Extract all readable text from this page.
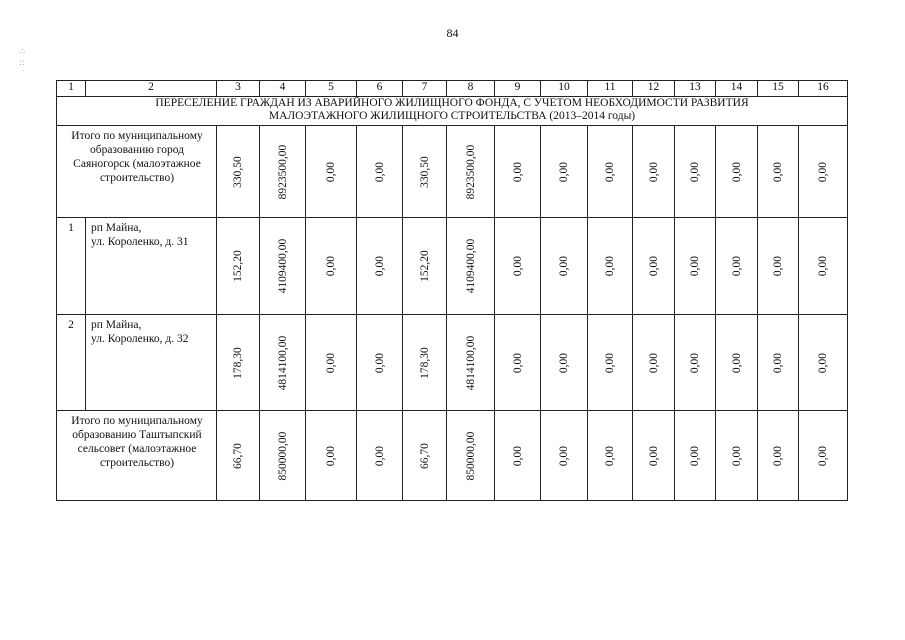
84
∴ :: ·
1	2	3	4	5	6	7	8	9	10	11	12	13	14	15	16

ПЕРЕСЕЛЕНИЕ ГРАЖДАН ИЗ АВАРИЙНОГО ЖИЛИЩНОГО ФОНДА, С УЧЕТОМ НЕОБХОДИМОСТИ РАЗВИТИЯ
МАЛОЭТАЖНОГО ЖИЛИЩНОГО СТРОИТЕЛЬСТВА (2013–2014 годы)															

Итого по муниципальному
образованию город
Саяногорск (малоэтажное
строительство)		330,50	8923500,00	0,00	0,00	330,50	8923500,00	0,00	0,00	0,00	0,00	0,00	0,00	0,00	0,00

1	рп Майна,
ул. Короленко, д. 31	152,20	4109400,00	0,00	0,00	152,20	4109400,00	0,00	0,00	0,00	0,00	0,00	0,00	0,00	0,00

2	рп Майна,
ул. Короленко, д. 32	178,30	4814100,00	0,00	0,00	178,30	4814100,00	0,00	0,00	0,00	0,00	0,00	0,00	0,00	0,00

Итого по муниципальному
образованию Таштыпский
сельсовет (малоэтажное
строительство)		66,70	850000,00	0,00	0,00	66,70	850000,00	0,00	0,00	0,00	0,00	0,00	0,00	0,00	0,00
